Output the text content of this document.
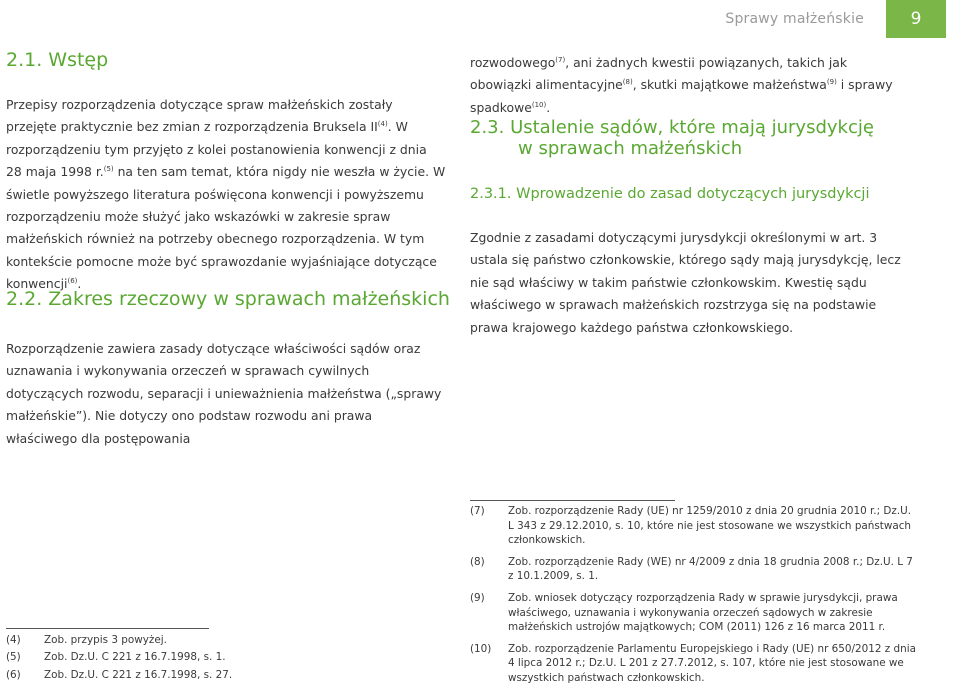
Sprawy małżeńskie	9
2.1. Wstęp

Przepisy rozporządzenia dotyczące spraw małżeńskich zostały przejęte praktycznie bez zmian z rozporządzenia Bruksela II$^{(4)}$. W rozporządzeniu tym przyjęto z kolei postanowienia konwencji z dnia 28 maja 1998 r.$^{(5)}$ na ten sam temat, która nigdy nie weszła w życie. W świetle powyższego literatura poświęcona konwencji i powyższemu rozporządzeniu może służyć jako wskazówki w zakresie spraw małżeńskich również na potrzeby obecnego rozporządzenia. W tym kontekście pomocne może być sprawozdanie wyjaśniające dotyczące konwencji$^{(6)}$.

2.2. Zakres rzeczowy w sprawach małżeńskich

Rozporządzenie zawiera zasady dotyczące właściwości sądów oraz uznawania i wykonywania orzeczeń w sprawach cywilnych dotyczących rozwodu, separacji i unieważnienia małżeństwa („sprawy małżeńskie”). Nie dotyczy ono podstaw rozwodu ani prawa właściwego dla postępowania

rozwodowego$^{(7)}$, ani żadnych kwestii powiązanych, takich jak obowiązki alimentacyjne$^{(8)}$, skutki majątkowe małżeństwa$^{(9)}$ i sprawy spadkowe$^{(10)}$.

2.3. Ustalenie sądów, które mają jurysdykcję
w sprawach małżeńskich
2.3.1. Wprowadzenie do zasad dotyczących jurysdykcji

Zgodnie z zasadami dotyczącymi jurysdykcji określonymi w art. 3 ustala się państwo członkowskie, którego sądy mają jurysdykcję, lecz nie sąd właściwy w takim państwie członkowskim. Kwestię sądu właściwego w sprawach małżeńskich rozstrzyga się na podstawie prawa krajowego każdego państwa członkowskiego.

(7)	Zob. rozporządzenie Rady (UE) nr 1259/2010 z dnia 20 grudnia 2010 r.; Dz.U. L 343 z 29.12.2010, s. 10, które nie jest stosowane we wszystkich państwach członkowskich.
(8)	Zob. rozporządzenie Rady (WE) nr 4/2009 z dnia 18 grudnia 2008 r.; Dz.U. L 7 z 10.1.2009, s. 1.
(9)	Zob. wniosek dotyczący rozporządzenia Rady w sprawie jurysdykcji, prawa właściwego, uznawania i wykonywania orzeczeń sądowych w zakresie małżeńskich ustrojów majątkowych; COM (2011) 126 z 16 marca 2011 r.
(10)	Zob. rozporządzenie Parlamentu Europejskiego i Rady (UE) nr 650/2012 z dnia 4 lipca 2012 r.; Dz.U. L 201 z 27.7.2012, s. 107, które nie jest stosowane we wszystkich państwach członkowskich.
(4)	Zob. przypis 3 powyżej.
(5)	Zob. Dz.U. C 221 z 16.7.1998, s. 1.
(6)	Zob. Dz.U. C 221 z 16.7.1998, s. 27.
